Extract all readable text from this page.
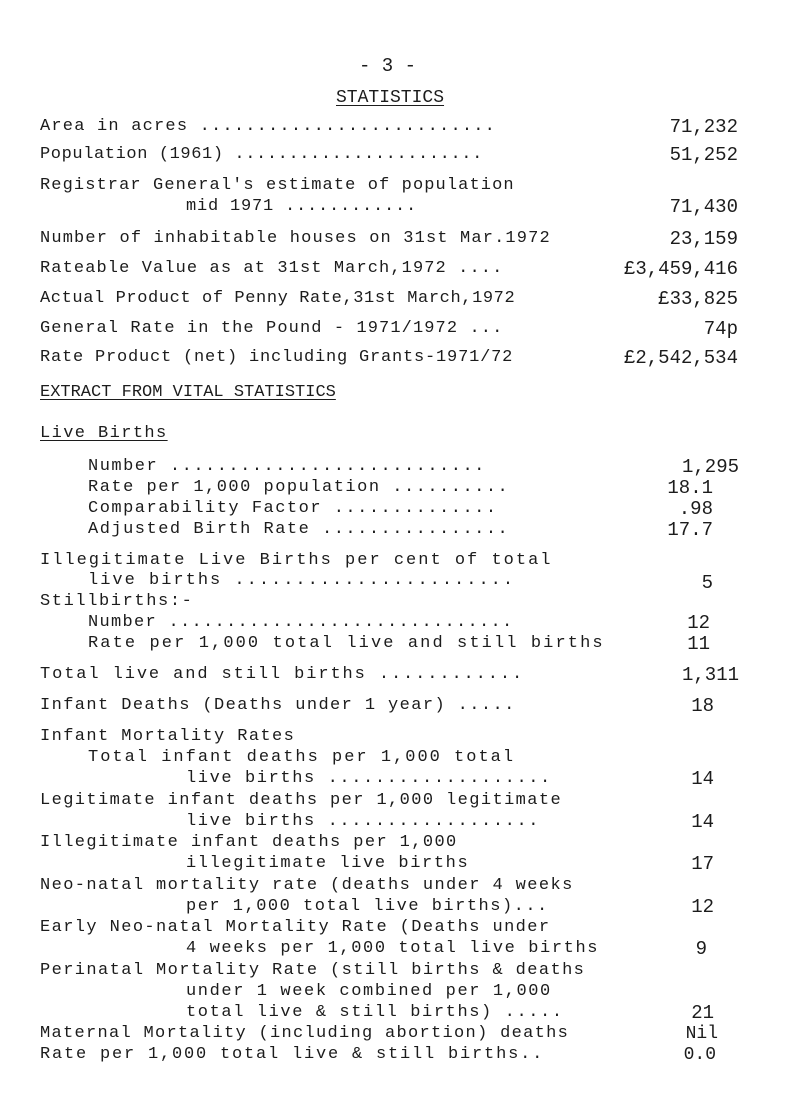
- 3 -
STATISTICS
Area in acres ..........................	71,232
Population (1961) .......................	51,252
Registrar General's estimate of population
mid 1971 ............	71,430
Number of inhabitable houses on 31st Mar.1972	23,159
Rateable Value as at 31st March,1972 ....	£3,459,416
Actual Product of Penny Rate,31st March,1972	£33,825
General Rate in the Pound - 1971/1972 ...	74p
Rate Product (net) including Grants-1971/72	£2,542,534
EXTRACT FROM VITAL STATISTICS
Live Births
Number ...........................	1,295
Rate per 1,000 population ..........	18.1
Comparability Factor ..............	.98
Adjusted Birth Rate ................	17.7
Illegitimate Live Births per cent of total
live births .......................	5
Stillbirths:-
Number ..............................	12
Rate per 1,000 total live and still births	11
Total live and still births ............	1,311
Infant Deaths (Deaths under 1 year) .....	18
Infant Mortality Rates
Total infant deaths per 1,000 total
live births ...................	14
Legitimate infant deaths per 1,000 legitimate
live births ..................	14
Illegitimate infant deaths per 1,000
illegitimate live births	17
Neo-natal mortality rate (deaths under 4 weeks
per 1,000 total live births)...	12
Early Neo-natal Mortality Rate (Deaths under
4 weeks per 1,000 total live births	9
Perinatal Mortality Rate (still births & deaths
under 1 week combined per 1,000
total live & still births) .....	21
Maternal Mortality (including abortion) deaths	Nil
Rate per 1,000 total live & still births..	0.0
